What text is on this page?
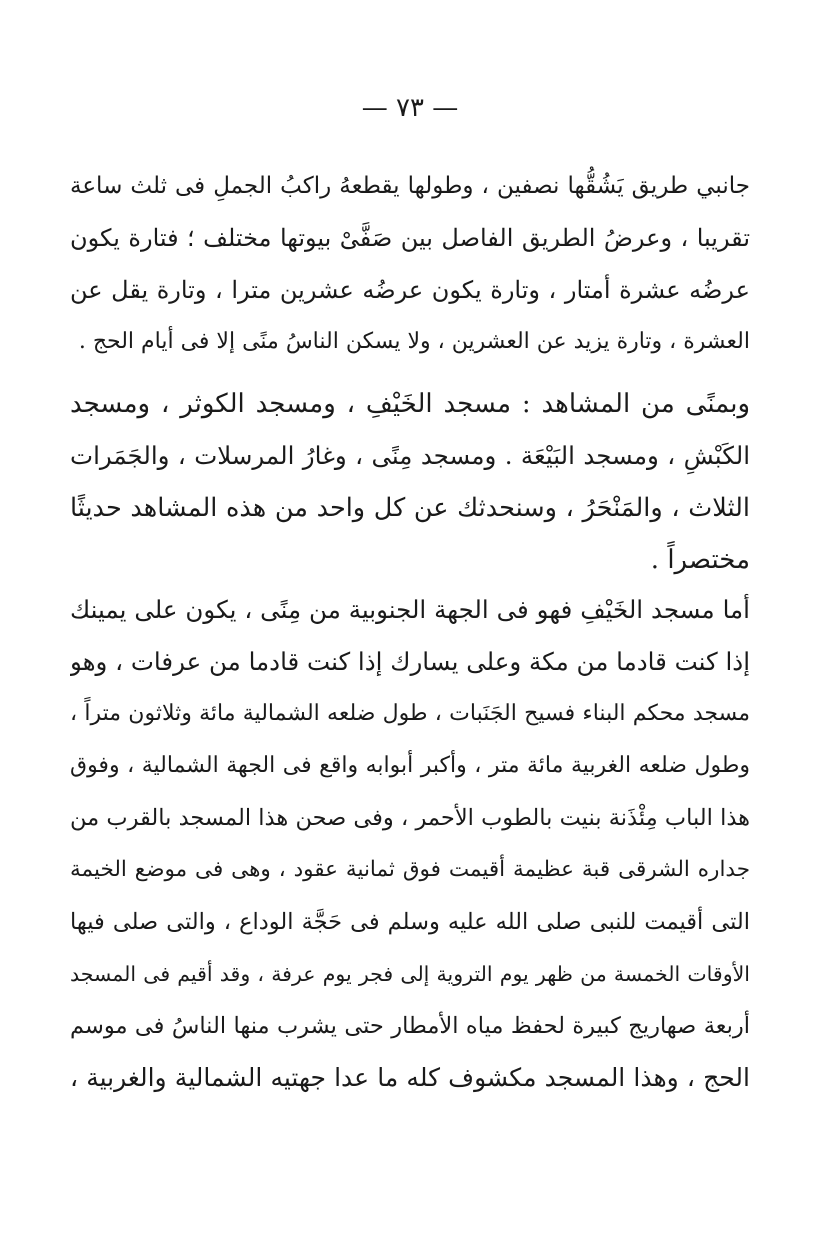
— ٧٣ —

جانبي طريق يَشُقُّها نصفين ، وطولها يقطعهُ راكبُ الجملِ فى ثلث ساعة
تقريبا ، وعرضُ الطريق الفاصل بين صَفَّىْ بيوتها مختلف ؛ فتارة يكون
عرضُه عشرة أمتار ، وتارة يكون عرضُه عشرين مترا ، وتارة يقل عن
العشرة ، وتارة يزيد عن العشرين ، ولا يسكن الناسُ منًى إلا فى أيام الحج .

وبمنًى من المشاهد : مسجد الخَيْفِ ، ومسجد الكوثر ، ومسجد
الكَبْشِ ، ومسجد البَيْعَة . ومسجد مِنًى ، وغارُ المرسلات ، والجَمَرات
الثلاث ، والمَنْحَرُ ، وسنحدثك عن كل واحد من هذه المشاهد حديثًا
مختصراً .

أما مسجد الخَيْفِ فهو فى الجهة الجنوبية من مِنًى ، يكون على يمينك
إذا كنت قادما من مكة وعلى يسارك إذا كنت قادما من عرفات ، وهو
مسجد محكم البناء فسيح الجَنَبات ، طول ضلعه الشمالية مائة وثلاثون متراً ،
وطول ضلعه الغربية مائة متر ، وأكبر أبوابه واقع فى الجهة الشمالية ، وفوق
هذا الباب مِئْذَنة بنيت بالطوب الأحمر ، وفى صحن هذا المسجد بالقرب من
جداره الشرقى قبة عظيمة أقيمت فوق ثمانية عقود ، وهى فى موضع الخيمة
التى أقيمت للنبى صلى الله عليه وسلم فى حَجَّة الوداع ، والتى صلى فيها
الأوقات الخمسة من ظهر يوم التروية إلى فجر يوم عرفة ، وقد أقيم فى المسجد
أربعة صهاريج كبيرة لحفظ مياه الأمطار حتى يشرب منها الناسُ فى موسم
الحج ، وهذا المسجد مكشوف كله ما عدا جهتيه الشمالية والغربية ،
